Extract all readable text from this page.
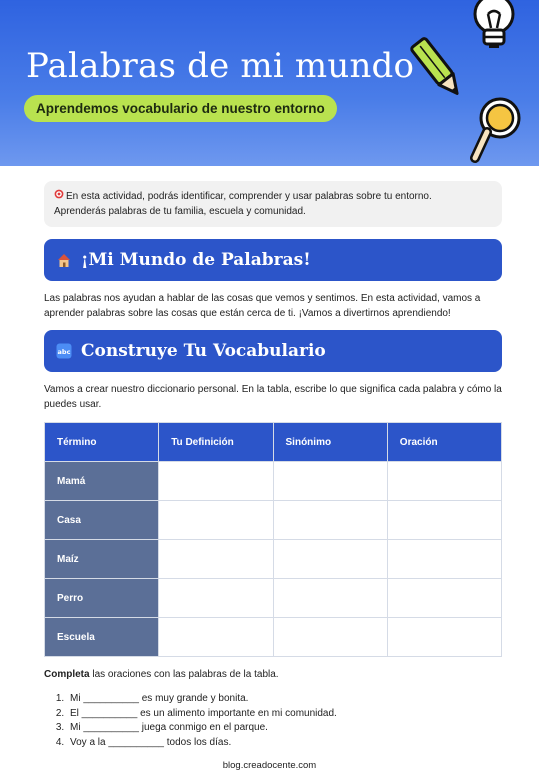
Palabras de mi mundo
Aprendemos vocabulario de nuestro entorno
En esta actividad, podrás identificar, comprender y usar palabras sobre tu entorno.
Aprenderás palabras de tu familia, escuela y comunidad.
¡Mi Mundo de Palabras!
Las palabras nos ayudan a hablar de las cosas que vemos y sentimos. En esta actividad, vamos a aprender palabras sobre las cosas que están cerca de ti. ¡Vamos a divertirnos aprendiendo!
abc Construye Tu Vocabulario
Vamos a crear nuestro diccionario personal. En la tabla, escribe lo que significa cada palabra y cómo la puedes usar.
Término	Tu Definición	Sinónimo	Oración
Mamá			
Casa			
Maíz			
Perro			
Escuela			
Completa las oraciones con las palabras de la tabla.
1. Mi __________ es muy grande y bonita.
2. El __________ es un alimento importante en mi comunidad.
3. Mi __________ juega conmigo en el parque.
4. Voy a la __________ todos los días.
blog.creadocente.com
